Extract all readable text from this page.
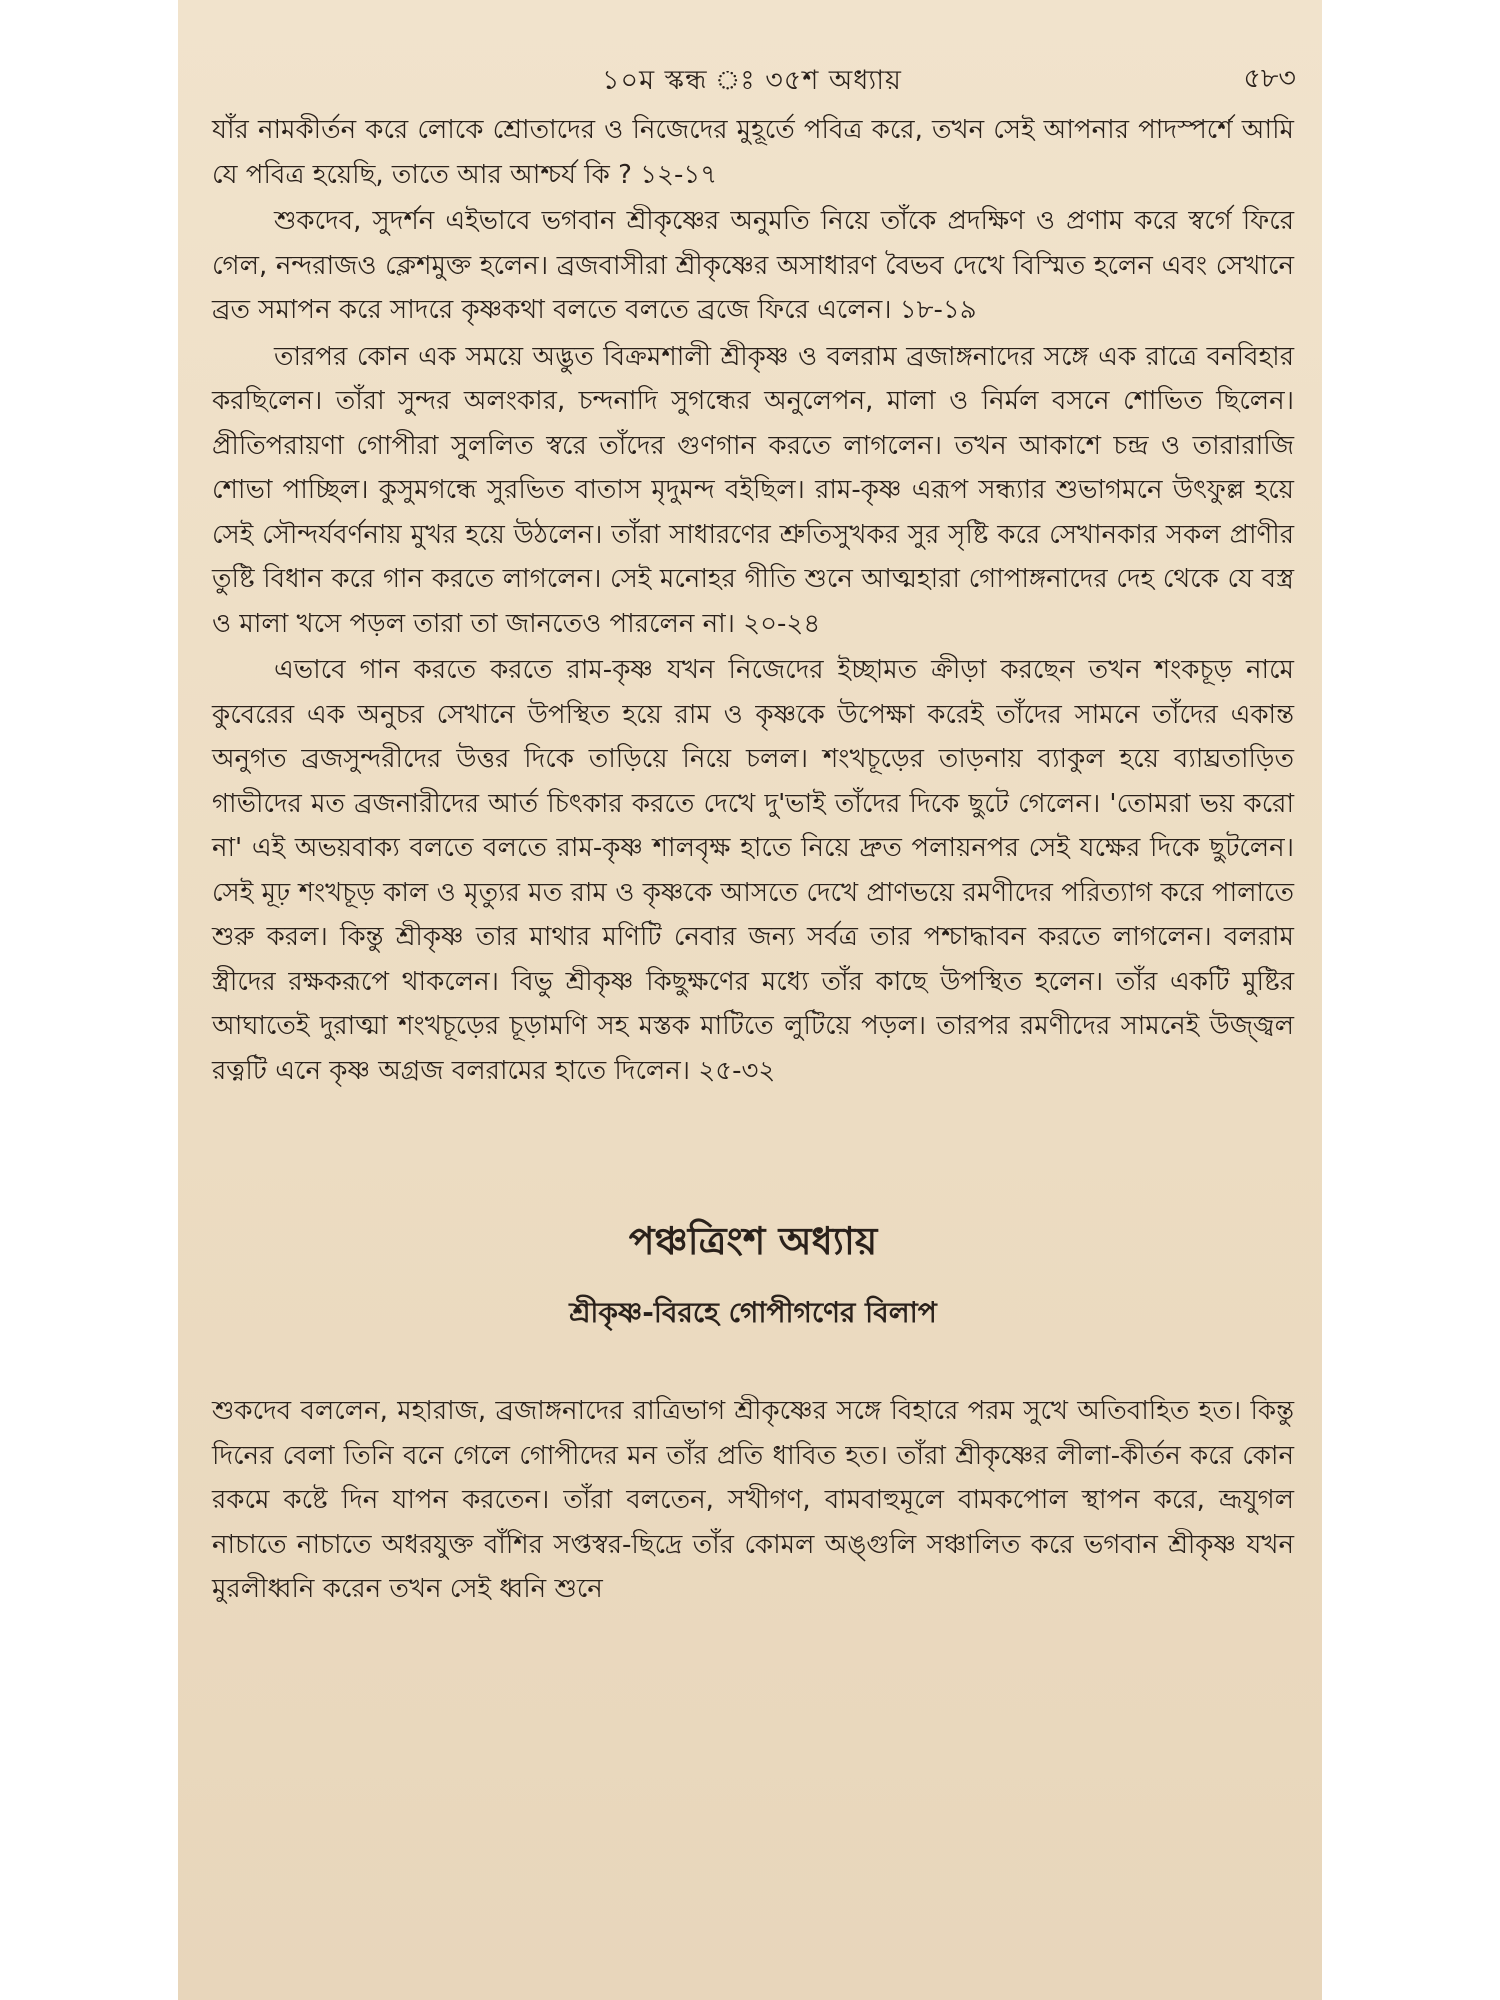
১০ম স্কন্ধ ঃ ৩৫শ অধ্যায়	৫৮৩

যাঁর নামকীর্তন করে লোকে শ্রোতাদের ও নিজেদের মুহূর্তে পবিত্র করে, তখন সেই আপনার পাদস্পর্শে আমি যে পবিত্র হয়েছি, তাতে আর আশ্চর্য কি ? ১২-১৭

শুকদেব, সুদর্শন এইভাবে ভগবান শ্রীকৃষ্ণের অনুমতি নিয়ে তাঁকে প্রদক্ষিণ ও প্রণাম করে স্বর্গে ফিরে গেল, নন্দরাজও ক্লেশমুক্ত হলেন। ব্রজবাসীরা শ্রীকৃষ্ণের অসাধারণ বৈভব দেখে বিস্মিত হলেন এবং সেখানে ব্রত সমাপন করে সাদরে কৃষ্ণকথা বলতে বলতে ব্রজে ফিরে এলেন। ১৮-১৯

তারপর কোন এক সময়ে অদ্ভুত বিক্রমশালী শ্রীকৃষ্ণ ও বলরাম ব্রজাঙ্গনাদের সঙ্গে এক রাত্রে বনবিহার করছিলেন। তাঁরা সুন্দর অলংকার, চন্দনাদি সুগন্ধের অনুলেপন, মালা ও নির্মল বসনে শোভিত ছিলেন। প্রীতিপরায়ণা গোপীরা সুললিত স্বরে তাঁদের গুণগান করতে লাগলেন। তখন আকাশে চন্দ্র ও তারারাজি শোভা পাচ্ছিল। কুসুমগন্ধে সুরভিত বাতাস মৃদুমন্দ বইছিল। রাম-কৃষ্ণ এরূপ সন্ধ্যার শুভাগমনে উৎফুল্ল হয়ে সেই সৌন্দর্যবর্ণনায় মুখর হয়ে উঠলেন। তাঁরা সাধারণের শ্রুতিসুখকর সুর সৃষ্টি করে সেখানকার সকল প্রাণীর তুষ্টি বিধান করে গান করতে লাগলেন। সেই মনোহর গীতি শুনে আত্মহারা গোপাঙ্গনাদের দেহ থেকে যে বস্ত্র ও মালা খসে পড়ল তারা তা জানতেও পারলেন না। ২০-২৪

এভাবে গান করতে করতে রাম-কৃষ্ণ যখন নিজেদের ইচ্ছামত ক্রীড়া করছেন তখন শংকচূড় নামে কুবেরের এক অনুচর সেখানে উপস্থিত হয়ে রাম ও কৃষ্ণকে উপেক্ষা করেই তাঁদের সামনে তাঁদের একান্ত অনুগত ব্রজসুন্দরীদের উত্তর দিকে তাড়িয়ে নিয়ে চলল। শংখচূড়ের তাড়নায় ব্যাকুল হয়ে ব্যাঘ্রতাড়িত গাভীদের মত ব্রজনারীদের আর্ত চিৎকার করতে দেখে দু'ভাই তাঁদের দিকে ছুটে গেলেন। 'তোমরা ভয় করো না' এই অভয়বাক্য বলতে বলতে রাম-কৃষ্ণ শালবৃক্ষ হাতে নিয়ে দ্রুত পলায়নপর সেই যক্ষের দিকে ছুটলেন। সেই মূঢ় শংখচূড় কাল ও মৃত্যুর মত রাম ও কৃষ্ণকে আসতে দেখে প্রাণভয়ে রমণীদের পরিত্যাগ করে পালাতে শুরু করল। কিন্তু শ্রীকৃষ্ণ তার মাথার মণিটি নেবার জন্য সর্বত্র তার পশ্চাদ্ধাবন করতে লাগলেন। বলরাম স্ত্রীদের রক্ষকরূপে থাকলেন। বিভু শ্রীকৃষ্ণ কিছুক্ষণের মধ্যে তাঁর কাছে উপস্থিত হলেন। তাঁর একটি মুষ্টির আঘাতেই দুরাত্মা শংখচূড়ের চূড়ামণি সহ মস্তক মাটিতে লুটিয়ে পড়ল। তারপর রমণীদের সামনেই উজ্জ্বল রত্নটি এনে কৃষ্ণ অগ্রজ বলরামের হাতে দিলেন। ২৫-৩২

পঞ্চত্রিংশ অধ্যায়
শ্রীকৃষ্ণ-বিরহে গোপীগণের বিলাপ

শুকদেব বললেন, মহারাজ, ব্রজাঙ্গনাদের রাত্রিভাগ শ্রীকৃষ্ণের সঙ্গে বিহারে পরম সুখে অতিবাহিত হত। কিন্তু দিনের বেলা তিনি বনে গেলে গোপীদের মন তাঁর প্রতি ধাবিত হত। তাঁরা শ্রীকৃষ্ণের লীলা-কীর্তন করে কোন রকমে কষ্টে দিন যাপন করতেন। তাঁরা বলতেন, সখীগণ, বামবাহুমূলে বামকপোল স্থাপন করে, ভ্রূযুগল নাচাতে নাচাতে অধরযুক্ত বাঁশির সপ্তস্বর-ছিদ্রে তাঁর কোমল অঙ্গুলি সঞ্চালিত করে ভগবান শ্রীকৃষ্ণ যখন মুরলীধ্বনি করেন তখন সেই ধ্বনি শুনে
